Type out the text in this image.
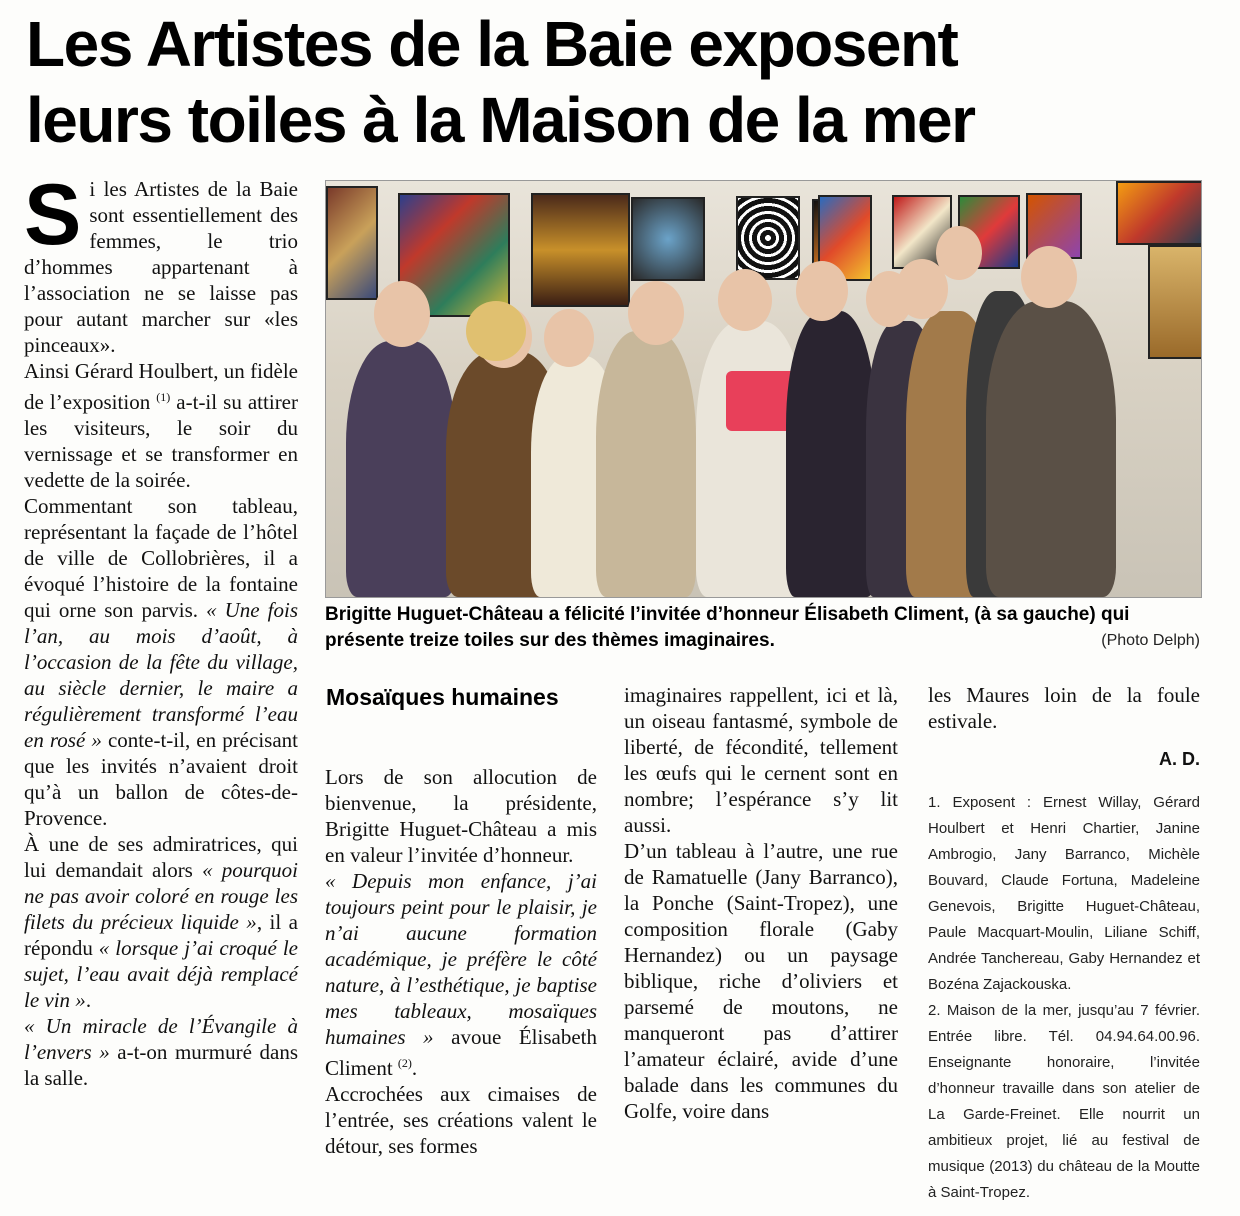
Les Artistes de la Baie exposent
leurs toiles à la Maison de la mer
S i les Artistes de la Baie sont essentiellement des femmes, le trio d’hommes appartenant à l’association ne se laisse pas pour autant marcher sur «les pinceaux».

Ainsi Gérard Houlbert, un fidèle de l’exposition $^{(1)}$ a-t-il su attirer les visiteurs, le soir du vernissage et se transformer en vedette de la soirée.

Commentant son tableau, représentant la façade de l’hôtel de ville de Collobrières, il a évoqué l’histoire de la fontaine qui orne son parvis. « Une fois l’an, au mois d’août, à l’occasion de la fête du village, au siècle dernier, le maire a régulièrement transformé l’eau en rosé » conte-t-il, en précisant que les invités n’avaient droit qu’à un ballon de côtes-de-Provence.

À une de ses admiratrices, qui lui demandait alors « pourquoi ne pas avoir coloré en rouge les filets du précieux liquide », il a répondu « lorsque j’ai croqué le sujet, l’eau avait déjà remplacé le vin ».

« Un miracle de l’Évangile à l’envers » a-t-on murmuré dans la salle.

Brigitte Huguet-Château a félicité l’invitée d’honneur Élisabeth Climent, (à sa gauche) qui présente treize toiles sur des thèmes imaginaires.	(Photo Delph)
Mosaïques humaines

Lors de son allocution de bienvenue, la présidente, Brigitte Huguet-Château a mis en valeur l’invitée d’honneur.

« Depuis mon enfance, j’ai toujours peint pour le plaisir, je n’ai aucune formation académique, je préfère le côté nature, à l’esthétique, je baptise mes tableaux, mosaïques humaines » avoue Élisabeth Climent $^{(2)}$.

Accrochées aux cimaises de l’entrée, ses créations valent le détour, ses formes

imaginaires rappellent, ici et là, un oiseau fantasmé, symbole de liberté, de fécondité, tellement les œufs qui le cernent sont en nombre; l’espérance s’y lit aussi.

D’un tableau à l’autre, une rue de Ramatuelle (Jany Barranco), la Ponche (Saint-Tropez), une composition florale (Gaby Hernandez) ou un paysage biblique, riche d’oliviers et parsemé de moutons, ne manqueront pas d’attirer l’amateur éclairé, avide d’une balade dans les communes du Golfe, voire dans

les Maures loin de la foule estivale.

A. D.

1. Exposent : Ernest Willay, Gérard Houlbert et Henri Chartier, Janine Ambrogio, Jany Barranco, Michèle Bouvard, Claude Fortuna, Madeleine Genevois, Brigitte Huguet-Château, Paule Macquart-Moulin, Liliane Schiff, Andrée Tanchereau, Gaby Hernandez et Bozéna Zajackouska.

2. Maison de la mer, jusqu’au 7 février. Entrée libre. Tél. 04.94.64.00.96. Enseignante honoraire, l’invitée d’honneur travaille dans son atelier de La Garde-Freinet. Elle nourrit un ambitieux projet, lié au festival de musique (2013) du château de la Moutte à Saint-Tropez.
